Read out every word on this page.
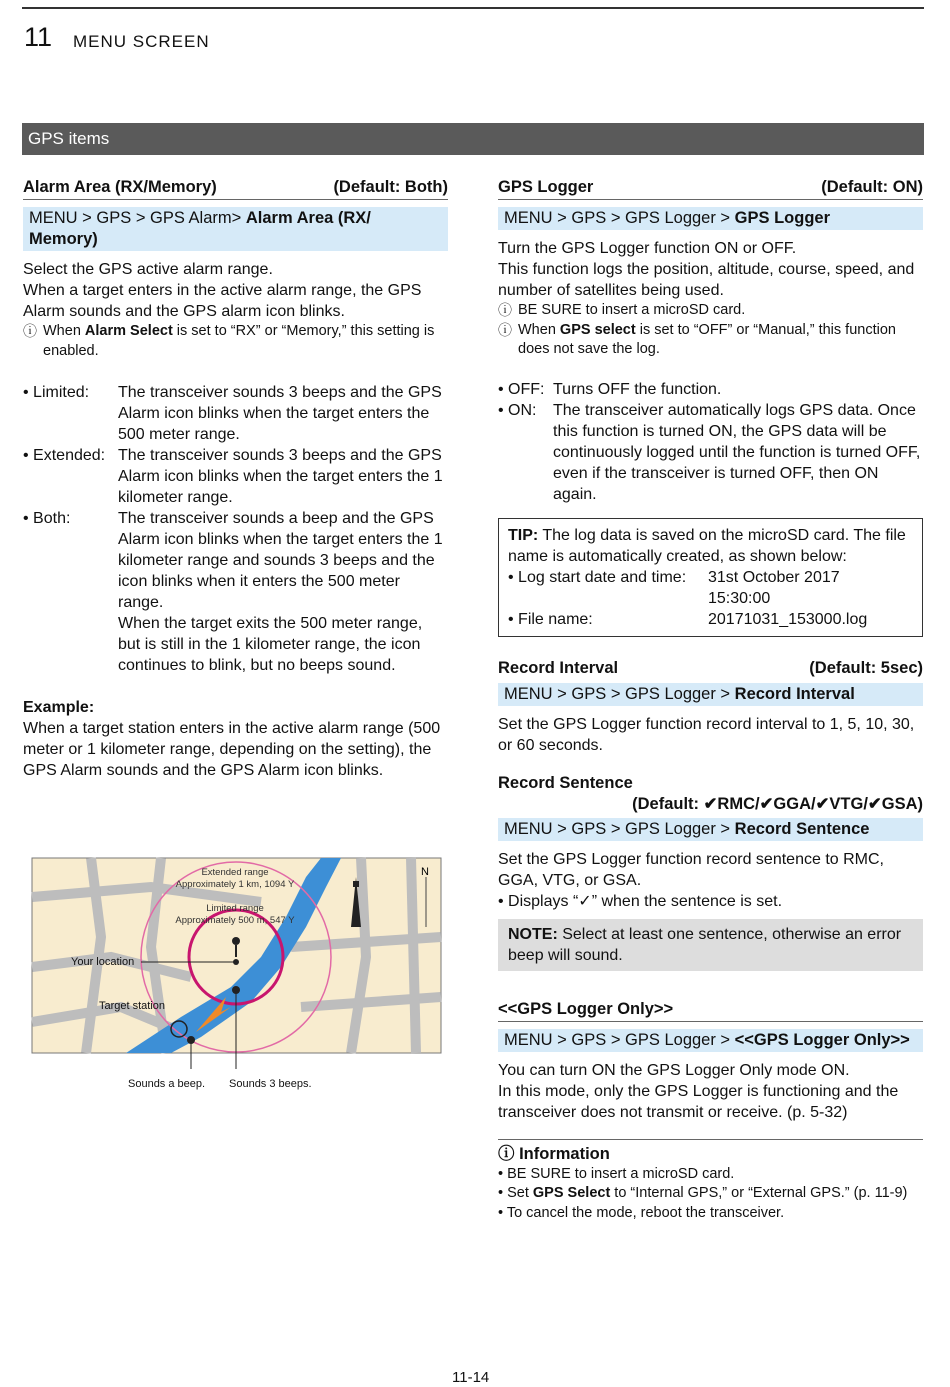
11 MENU SCREEN
GPS items
Alarm Area (RX/Memory)	(Default: Both)
MENU > GPS > GPS Alarm> Alarm Area (RX/ Memory)

Select the GPS active alarm range.

When a target enters in the active alarm range, the GPS Alarm sounds and the GPS alarm icon blinks.

ⓘ When Alarm Select is set to “RX” or “Memory,” this setting is enabled.
• Limited:	The transceiver sounds 3 beeps and the GPS Alarm icon blinks when the target enters the 500 meter range.
• Extended: The transceiver sounds 3 beeps and the GPS Alarm icon blinks when the target enters the 1 kilometer range.
• Both:	The transceiver sounds a beep and the GPS Alarm icon blinks when the target enters the 1 kilometer range and sounds 3 beeps and the icon blinks when it enters the 500 meter range.
When the target exits the 500 meter range, but is still in the 1 kilometer range, the icon continues to blink, but no beeps sound.

Example:

When a target station enters in the active alarm range (500 meter or 1 kilometer range, depending on the setting), the GPS Alarm sounds and the GPS Alarm icon blinks.

N
Extended range
Approximately 1 km, 1094 Y
Limited range
Approximately 500 m, 547 Y
Your location
Target station
Sounds a beep. Sounds 3 beeps.
GPS Logger	(Default: ON)
MENU > GPS > GPS Logger > GPS Logger

Turn the GPS Logger function ON or OFF.

This function logs the position, altitude, course, speed, and number of satellites being used.

ⓘ BE SURE to insert a microSD card.
ⓘ When GPS select is set to “OFF” or “Manual,” this function does not save the log.
• OFF: Turns OFF the function.
• ON:	The transceiver automatically logs GPS data. Once this function is turned ON, the GPS data will be continuously logged until the function is turned OFF, even if the transceiver is turned OFF, then ON again.

TIP: The log data is saved on the microSD card. The file name is automatically created, as shown below:

• Log start date and time:	31st October 2017
15:30:00
• File name:	20171031_153000.log
Record Interval	(Default: 5sec)
MENU > GPS > GPS Logger > Record Interval

Set the GPS Logger function record interval to 1, 5, 10, 30, or 60 seconds.

Record Sentence
(Default: ✔RMC/✔GGA/✔VTG/✔GSA)
MENU > GPS > GPS Logger > Record Sentence

Set the GPS Logger function record sentence to RMC, GGA, VTG, or GSA.

• Displays “✓” when the sentence is set.

NOTE: Select at least one sentence, otherwise an error beep will sound.
<<GPS Logger Only>>
MENU > GPS > GPS Logger > <<GPS Logger Only>>

You can turn ON the GPS Logger Only mode ON.

In this mode, only the GPS Logger is functioning and the transceiver does not transmit or receive. (p. 5-32)

ⓘ Information

• BE SURE to insert a microSD card.

• Set GPS Select to “Internal GPS,” or “External GPS.” (p. 11-9)

• To cancel the mode, reboot the transceiver.

11-14
